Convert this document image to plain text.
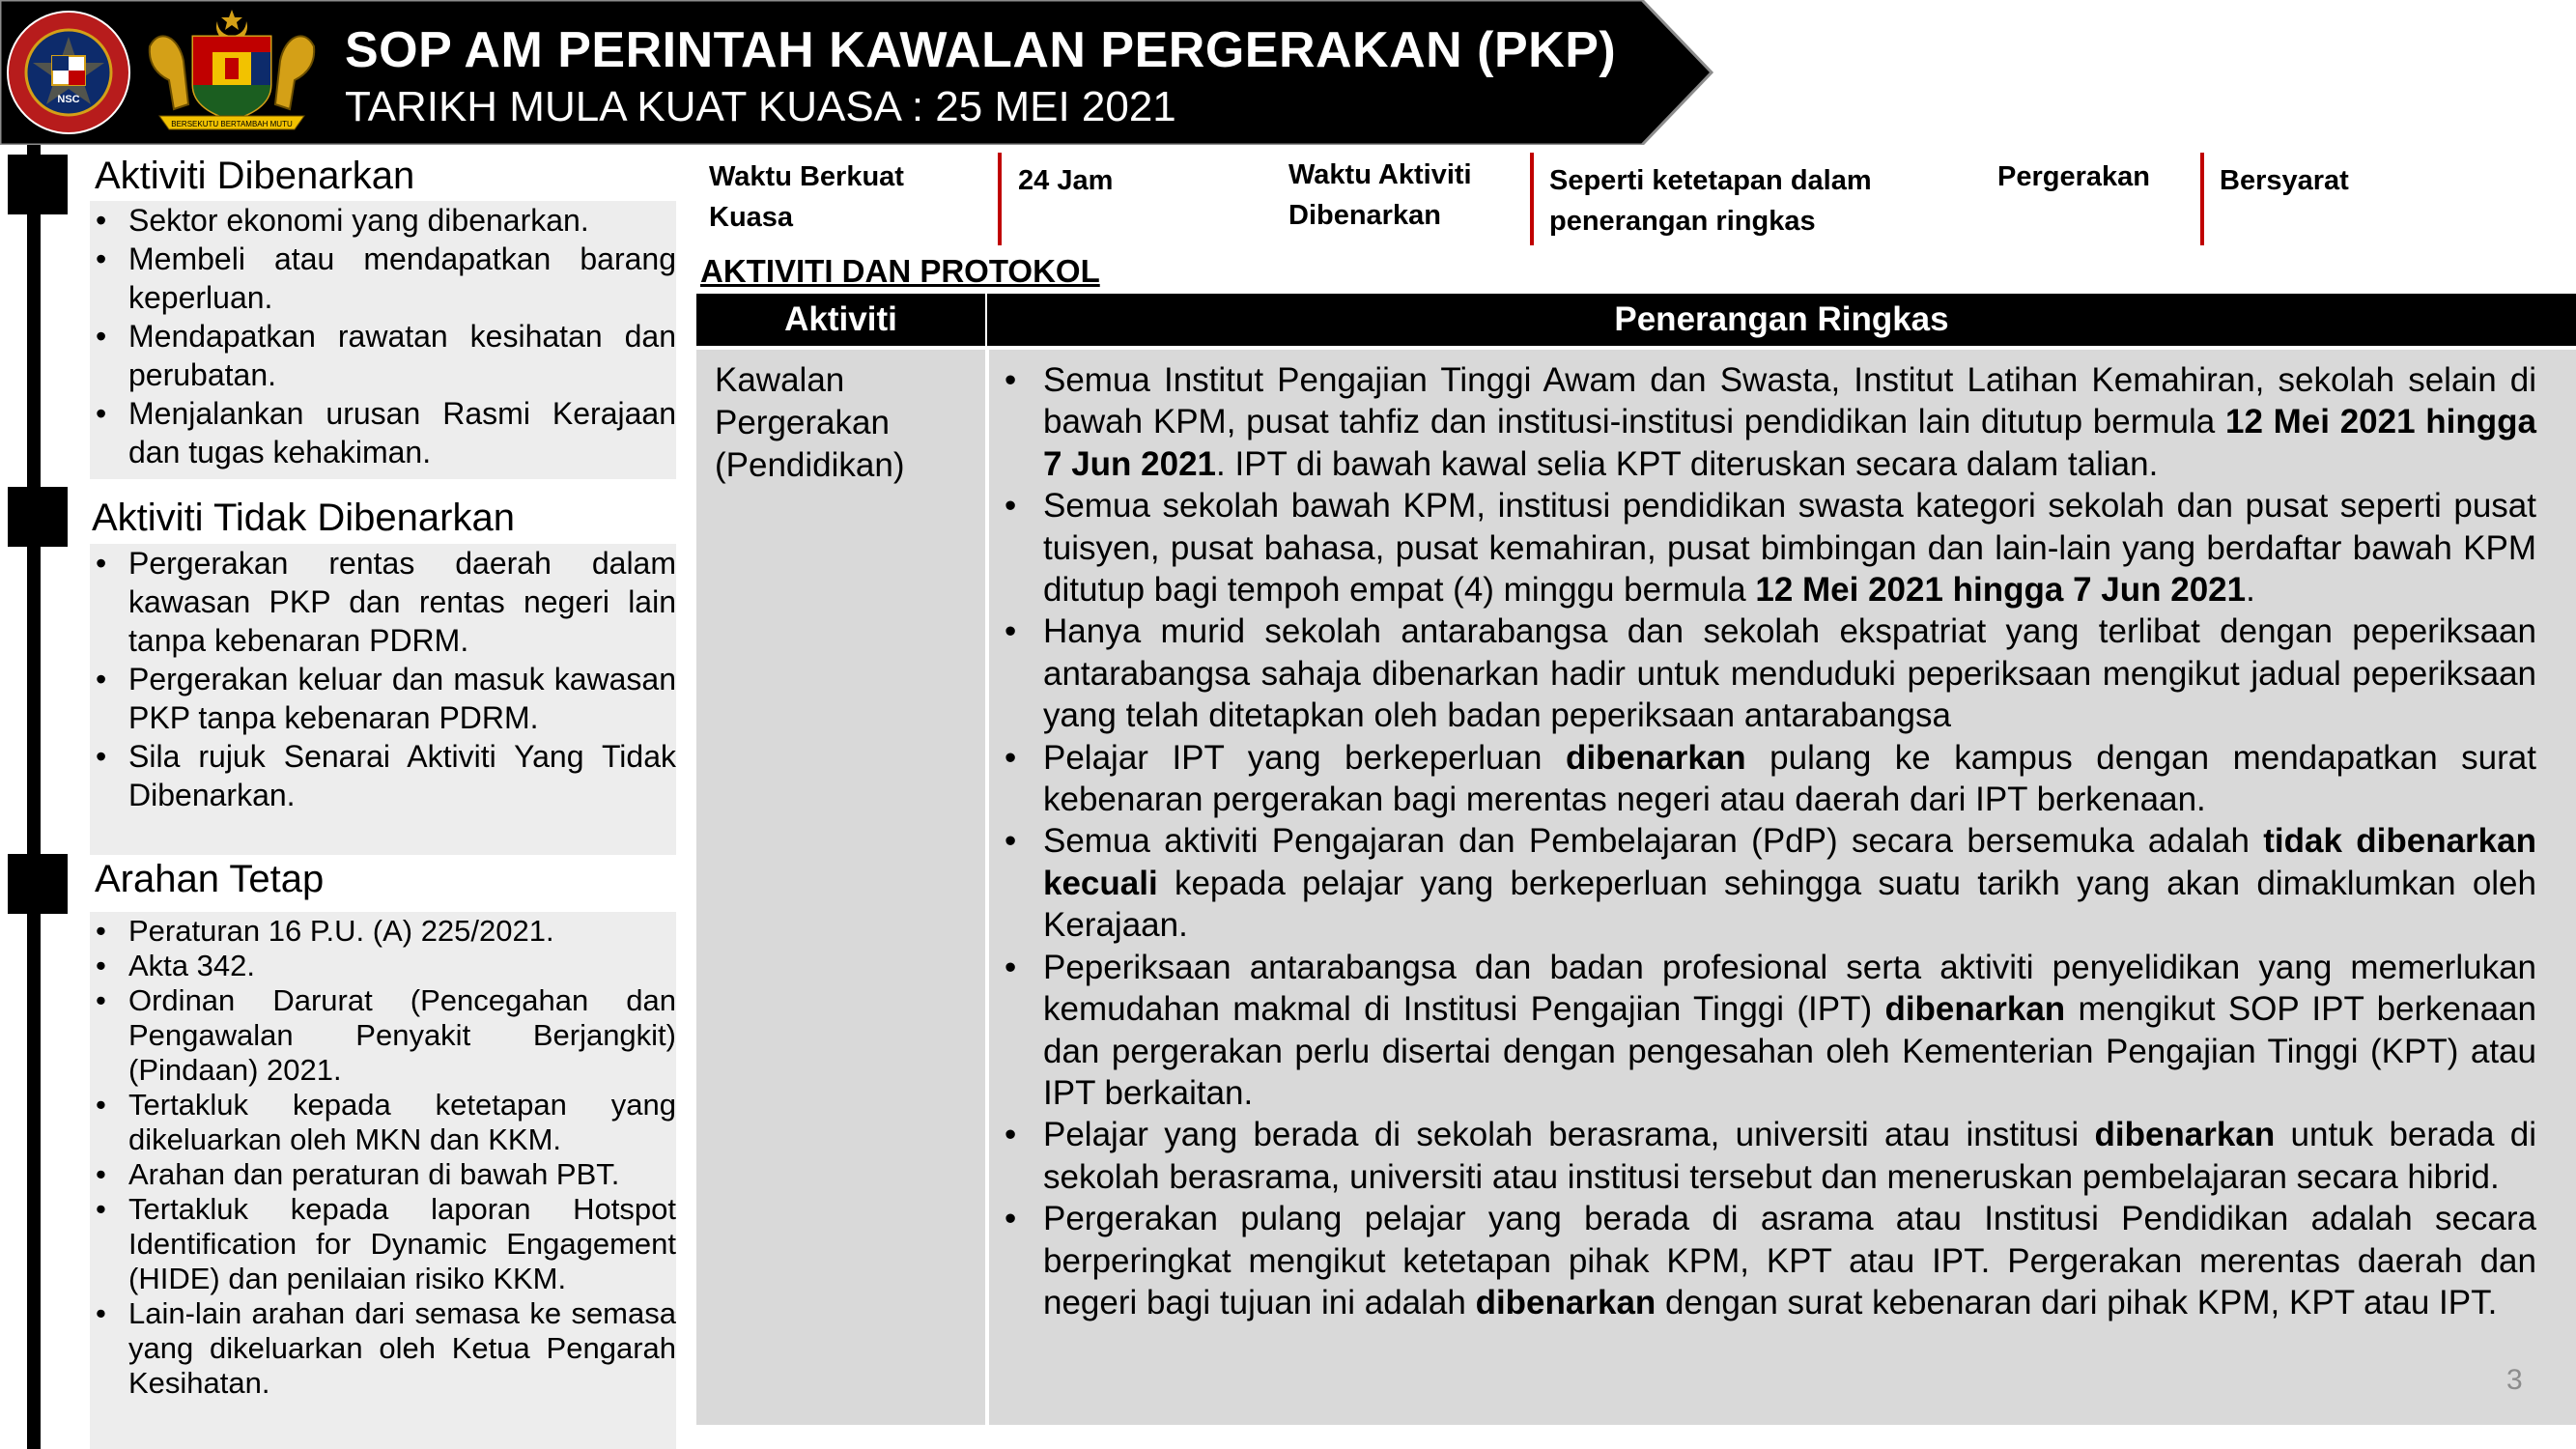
NSC
BERSEKUTU BERTAMBAH MUTU
SOP AM PERINTAH KAWALAN PERGERAKAN (PKP)
TARIKH MULA KUAT KUASA : 25 MEI 2021
Aktiviti Dibenarkan
• Sektor ekonomi yang dibenarkan.
• Membeli atau mendapatkan barang keperluan.
• Mendapatkan rawatan kesihatan dan perubatan.
• Menjalankan urusan Rasmi Kerajaan dan tugas kehakiman.
Aktiviti Tidak Dibenarkan
• Pergerakan rentas daerah dalam kawasan PKP dan rentas negeri lain tanpa kebenaran PDRM.
• Pergerakan keluar dan masuk kawasan PKP tanpa kebenaran PDRM.
• Sila rujuk Senarai Aktiviti Yang Tidak Dibenarkan.
Arahan Tetap
• Peraturan 16 P.U. (A) 225/2021.
• Akta 342.
• Ordinan Darurat (Pencegahan dan Pengawalan Penyakit Berjangkit) (Pindaan) 2021.
• Tertakluk kepada ketetapan yang dikeluarkan oleh MKN dan KKM.
• Arahan dan peraturan di bawah PBT.
• Tertakluk kepada laporan Hotspot Identification for Dynamic Engagement (HIDE) dan penilaian risiko KKM.
• Lain-lain arahan dari semasa ke semasa yang dikeluarkan oleh Ketua Pengarah Kesihatan.
Waktu Berkuat
Kuasa
24 Jam	Waktu Aktiviti
Dibenarkan
Seperti ketetapan dalam
penerangan ringkas
Pergerakan Bersyarat
AKTIVITI DAN PROTOKOL
Aktiviti	Penerangan Ringkas
Kawalan
Pergerakan
(Pendidikan)
• Semua Institut Pengajian Tinggi Awam dan Swasta, Institut Latihan Kemahiran, sekolah selain di bawah KPM, pusat tahfiz dan institusi-institusi pendidikan lain ditutup bermula 12 Mei 2021 hingga 7 Jun 2021. IPT di bawah kawal selia KPT diteruskan secara dalam talian.
• Semua sekolah bawah KPM, institusi pendidikan swasta kategori sekolah dan pusat seperti pusat tuisyen, pusat bahasa, pusat kemahiran, pusat bimbingan dan lain-lain yang berdaftar bawah KPM ditutup bagi tempoh empat (4) minggu bermula 12 Mei 2021 hingga 7 Jun 2021.
• Hanya murid sekolah antarabangsa dan sekolah ekspatriat yang terlibat dengan peperiksaan antarabangsa sahaja dibenarkan hadir untuk menduduki peperiksaan mengikut jadual peperiksaan yang telah ditetapkan oleh badan peperiksaan antarabangsa
• Pelajar IPT yang berkeperluan dibenarkan pulang ke kampus dengan mendapatkan surat kebenaran pergerakan bagi merentas negeri atau daerah dari IPT berkenaan.
• Semua aktiviti Pengajaran dan Pembelajaran (PdP) secara bersemuka adalah tidak dibenarkan kecuali kepada pelajar yang berkeperluan sehingga suatu tarikh yang akan dimaklumkan oleh Kerajaan.
• Peperiksaan antarabangsa dan badan profesional serta aktiviti penyelidikan yang memerlukan kemudahan makmal di Institusi Pengajian Tinggi (IPT) dibenarkan mengikut SOP IPT berkenaan dan pergerakan perlu disertai dengan pengesahan oleh Kementerian Pengajian Tinggi (KPT) atau IPT berkaitan.
• Pelajar yang berada di sekolah berasrama, universiti atau institusi dibenarkan untuk berada di sekolah berasrama, universiti atau institusi tersebut dan meneruskan pembelajaran secara hibrid.
• Pergerakan pulang pelajar yang berada di asrama atau Institusi Pendidikan adalah secara berperingkat mengikut ketetapan pihak KPM, KPT atau IPT. Pergerakan merentas daerah dan negeri bagi tujuan ini adalah dibenarkan dengan surat kebenaran dari pihak KPM, KPT atau IPT.
3
